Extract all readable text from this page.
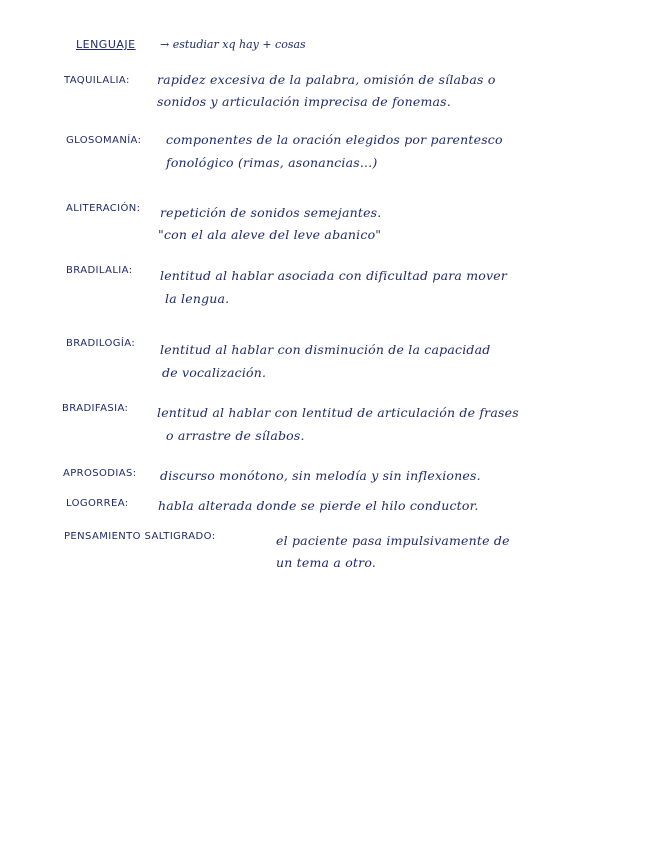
LENGUAJE → estudiar xq hay + cosas
TAQUILALIA: rapidez excesiva de la palabra, omisión de sílabas o
sonidos y articulación imprecisa de fonemas.
GLOSOMANÍA: componentes de la oración elegidos por parentesco
fonológico (rimas, asonancias...)
ALITERACIÓN: repetición de sonidos semejantes.
"con el ala aleve del leve abanico"
BRADILALIA: lentitud al hablar asociada con dificultad para mover
la lengua.
BRADILOGÍA: lentitud al hablar con disminución de la capacidad
de vocalización.
BRADIFASIA: lentitud al hablar con lentitud de articulación de frases
o arrastre de sílabos.
APROSODIAS: discurso monótono, sin melodía y sin inflexiones.
LOGORREA: habla alterada donde se pierde el hilo conductor.
PENSAMIENTO SALTIGRADO:	el paciente pasa impulsivamente de
un tema a otro.
